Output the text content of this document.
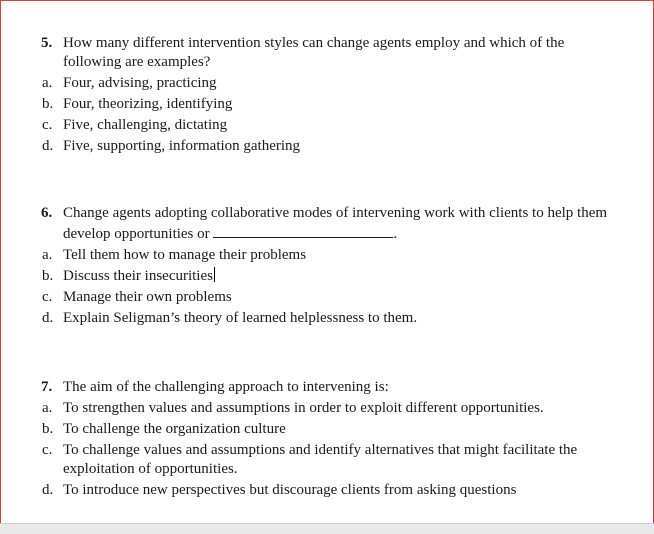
5. How many different intervention styles can change agents employ and which of the following are examples?
a. Four, advising, practicing
b. Four, theorizing, identifying
c. Five, challenging, dictating
d. Five, supporting, information gathering
6. Change agents adopting collaborative modes of intervening work with clients to help them develop opportunities or	.
a. Tell them how to manage their problems
b. Discuss their insecurities
c. Manage their own problems
d. Explain Seligman’s theory of learned helplessness to them.
7. The aim of the challenging approach to intervening is:
a. To strengthen values and assumptions in order to exploit different opportunities.
b. To challenge the organization culture
c. To challenge values and assumptions and identify alternatives that might facilitate the exploitation of opportunities.
d. To introduce new perspectives but discourage clients from asking questions
